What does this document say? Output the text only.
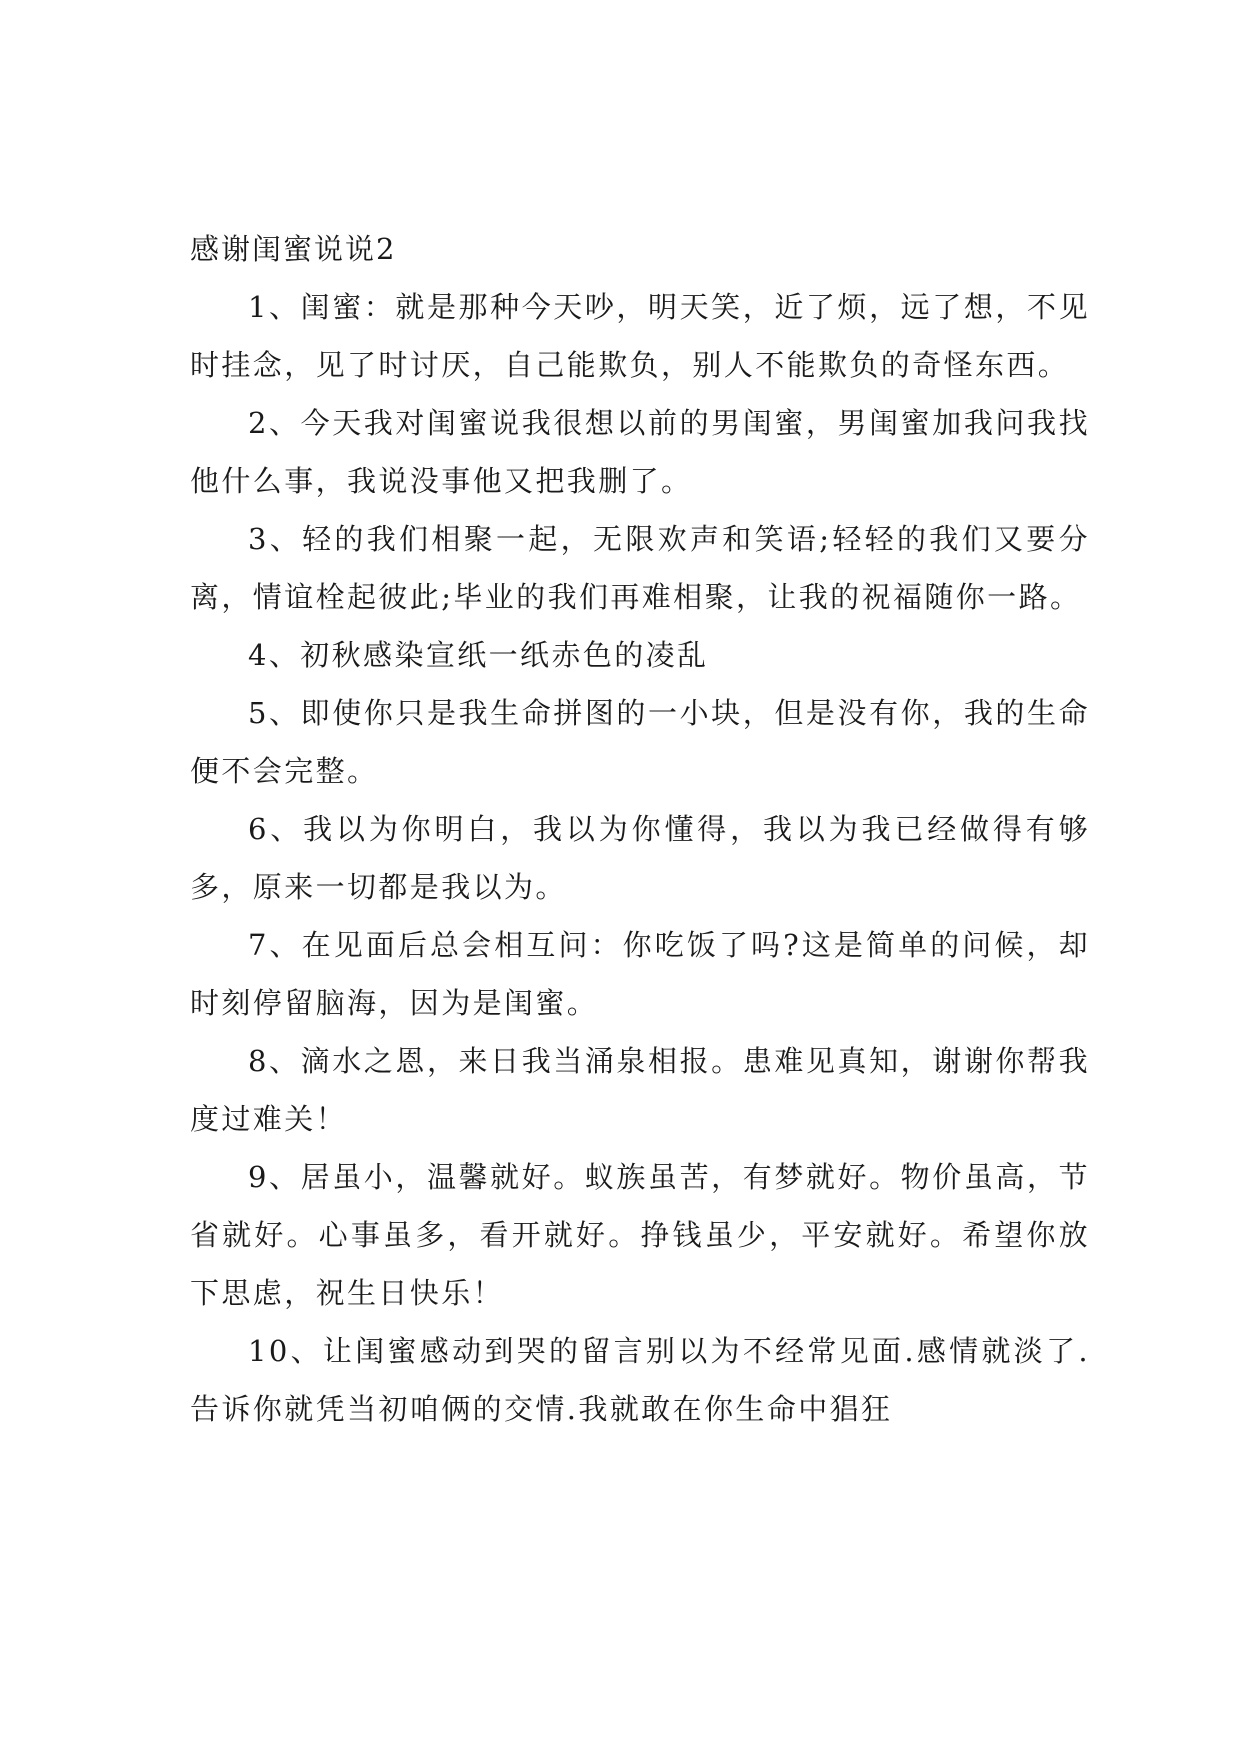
感谢闺蜜说说2

1、闺蜜：就是那种今天吵，明天笑，近了烦，远了想，不见时挂念，见了时讨厌，自己能欺负，别人不能欺负的奇怪东西。

2、今天我对闺蜜说我很想以前的男闺蜜，男闺蜜加我问我找他什么事，我说没事他又把我删了。

3、轻的我们相聚一起，无限欢声和笑语;轻轻的我们又要分离，情谊栓起彼此;毕业的我们再难相聚，让我的祝福随你一路。

4、初秋感染宣纸一纸赤色的凌乱

5、即使你只是我生命拼图的一小块，但是没有你，我的生命便不会完整。

6、我以为你明白，我以为你懂得，我以为我已经做得有够多，原来一切都是我以为。

7、在见面后总会相互问：你吃饭了吗?这是简单的问候，却时刻停留脑海，因为是闺蜜。

8、滴水之恩，来日我当涌泉相报。患难见真知，谢谢你帮我度过难关！

9、居虽小，温馨就好。蚁族虽苦，有梦就好。物价虽高，节省就好。心事虽多，看开就好。挣钱虽少，平安就好。希望你放下思虑，祝生日快乐！

10、让闺蜜感动到哭的留言别以为不经常见面.感情就淡了.告诉你就凭当初咱俩的交情.我就敢在你生命中猖狂
